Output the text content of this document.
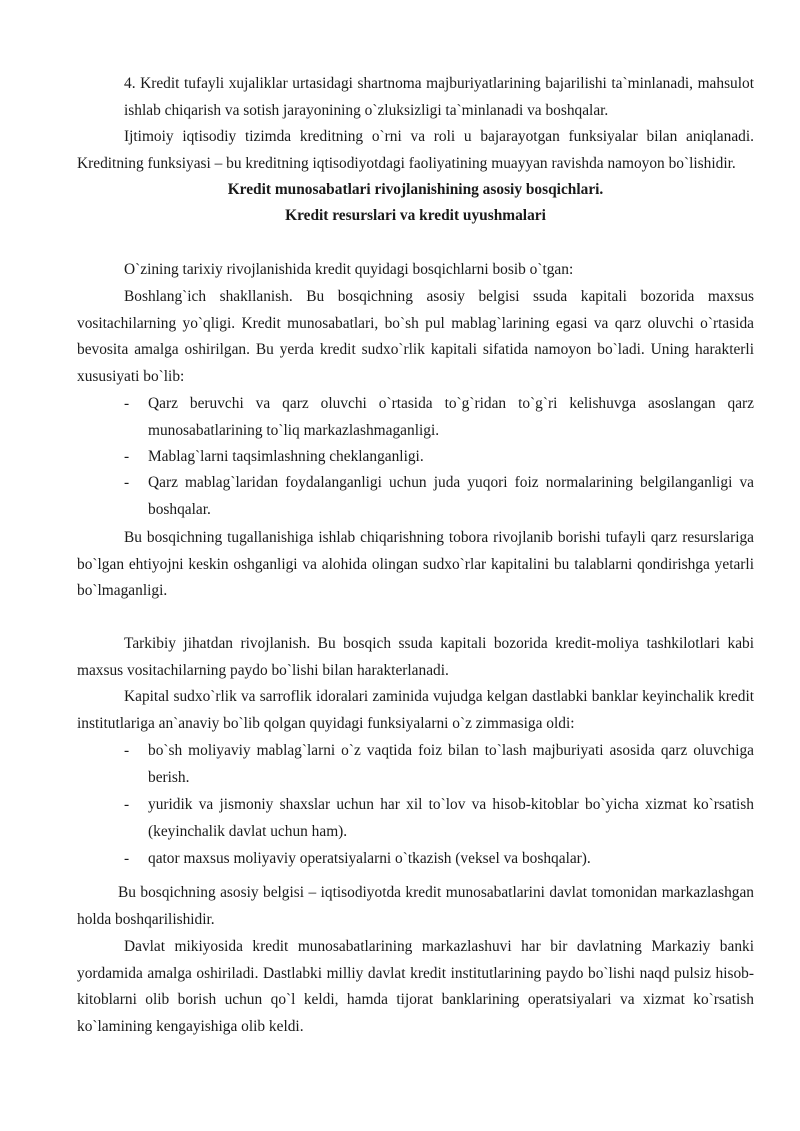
4. Kredit tufayli xujaliklar urtasidagi shartnoma majburiyatlarining bajarilishi ta`minlanadi, mahsulot ishlab chiqarish va sotish jarayonining o`zluksizligi ta`minlanadi va boshqalar.

Ijtimoiy iqtisodiy tizimda kreditning o`rni va roli u bajarayotgan funksiyalar bilan aniqlanadi. Kreditning funksiyasi – bu kreditning iqtisodiyotdagi faoliyatining muayyan ravishda namoyon bo`lishidir.

Kredit munosabatlari rivojlanishining asosiy bosqichlari.

Kredit resurslari va kredit uyushmalari

O`zining tarixiy rivojlanishida kredit quyidagi bosqichlarni bosib o`tgan:

Boshlang`ich shakllanish. Bu bosqichning asosiy belgisi ssuda kapitali bozorida maxsus vositachilarning yo`qligi. Kredit munosabatlari, bo`sh pul mablag`larining egasi va qarz oluvchi o`rtasida bevosita amalga oshirilgan. Bu yerda kredit sudxo`rlik kapitali sifatida namoyon bo`ladi. Uning harakterli xususiyati bo`lib:

-	Qarz beruvchi va qarz oluvchi o`rtasida to`g`ridan to`g`ri kelishuvga asoslangan qarz munosabatlarining to`liq markazlashmaganligi.
-	Mablag`larni taqsimlashning cheklanganligi.
-	Qarz mablag`laridan foydalanganligi uchun juda yuqori foiz normalarining belgilanganligi va boshqalar.

Bu bosqichning tugallanishiga ishlab chiqarishning tobora rivojlanib borishi tufayli qarz resurslariga bo`lgan ehtiyojni keskin oshganligi va alohida olingan sudxo`rlar kapitalini bu talablarni qondirishga yetarli bo`lmaganligi.

Tarkibiy jihatdan rivojlanish. Bu bosqich ssuda kapitali bozorida kredit-moliya tashkilotlari kabi maxsus vositachilarning paydo bo`lishi bilan harakterlanadi.

Kapital sudxo`rlik va sarroflik idoralari zaminida vujudga kelgan dastlabki banklar keyinchalik kredit institutlariga an`anaviy bo`lib qolgan quyidagi funksiyalarni o`z zimmasiga oldi:

-	bo`sh moliyaviy mablag`larni o`z vaqtida foiz bilan to`lash majburiyati asosida qarz oluvchiga berish.
-	yuridik va jismoniy shaxslar uchun har xil to`lov va hisob-kitoblar bo`yicha xizmat ko`rsatish (keyinchalik davlat uchun ham).
-	qator maxsus moliyaviy operatsiyalarni o`tkazish (veksel va boshqalar).

Bu bosqichning asosiy belgisi – iqtisodiyotda kredit munosabatlarini davlat tomonidan markazlashgan holda boshqarilishidir.

Davlat mikiyosida kredit munosabatlarining markazlashuvi har bir davlatning Markaziy banki yordamida amalga oshiriladi. Dastlabki milliy davlat kredit institutlarining paydo bo`lishi naqd pulsiz hisob-kitoblarni olib borish uchun qo`l keldi, hamda tijorat banklarining operatsiyalari va xizmat ko`rsatish ko`lamining kengayishiga olib keldi.
